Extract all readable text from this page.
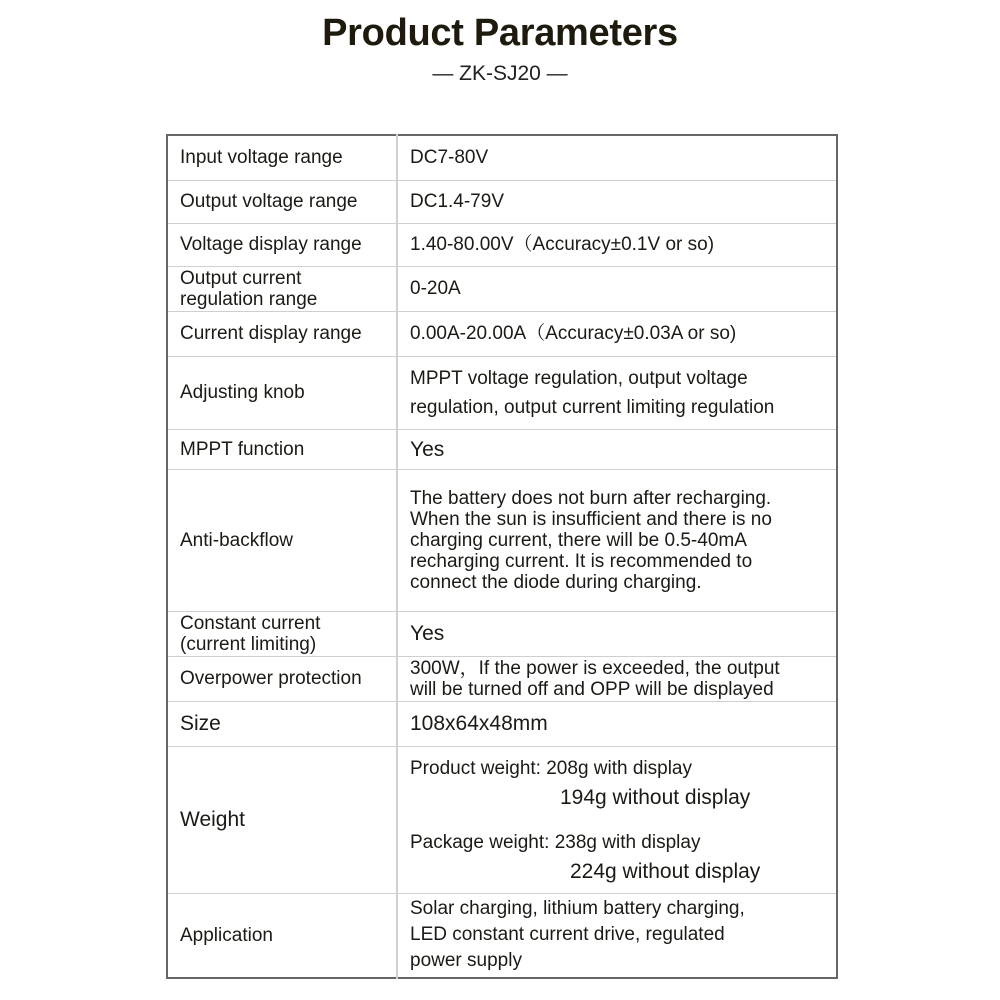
Product Parameters
— ZK-SJ20 —
Input voltage range	DC7-80V
Output voltage range	DC1.4-79V
Voltage display range	1.40-80.00V（Accuracy±0.1V or so)

Output current
regulation range	0-20A
Current display range	0.00A-20.00A（Accuracy±0.03A or so)
Adjusting knob	MPPT voltage regulation, output voltage
regulation, output current limiting regulation

MPPT function	Yes
Anti-backflow	The battery does not burn after recharging.
When the sun is insufficient and there is no
charging current, there will be 0.5-40mA
recharging current. It is recommended to
connect the diode during charging.

Constant current
(current limiting)	Yes
Overpower protection	300W，If the power is exceeded, the output
will be turned off and OPP will be displayed

Size	108x64x48mm
Weight	Product weight: 208g with display
194g without display
Package weight: 238g with display
224g without display

Application	Solar charging, lithium battery charging,
LED constant current drive, regulated
power supply
